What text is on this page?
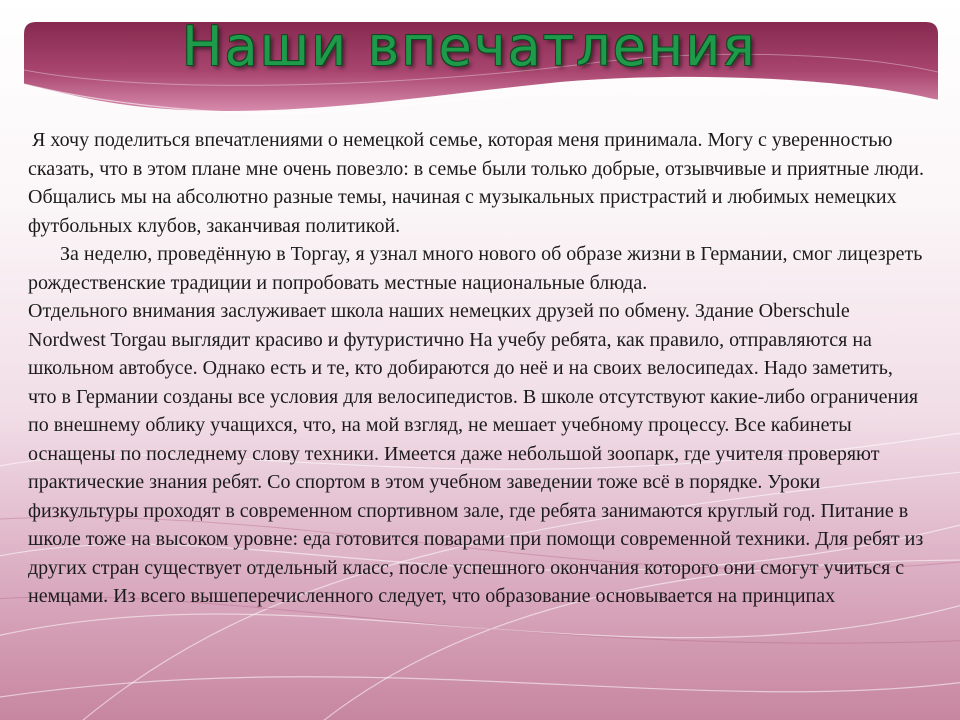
Наши впечатления

Я хочу поделиться впечатлениями о немецкой семье, которая меня принимала. Могу с уверенностью сказать, что в этом плане мне очень повезло: в семье были только добрые, отзывчивые и приятные люди. Общались мы на абсолютно разные темы, начиная с музыкальных пристрастий и любимых немецких футбольных клубов, заканчивая политикой.

За неделю, проведённую в Торгау, я узнал много нового об образе жизни в Германии, смог лицезреть рождественские традиции и попробовать местные национальные блюда.

Отдельного внимания заслуживает школа наших немецких друзей по обмену. Здание Oberschule Nordwest Torgau выглядит красиво и футуристично На учебу ребята, как правило, отправляются на школьном автобусе. Однако есть и те, кто добираются до неё и на своих велосипедах. Надо заметить, что в Германии созданы все условия для велосипедистов. В школе отсутствуют какие-либо ограничения по внешнему облику учащихся, что, на мой взгляд, не мешает учебному процессу. Все кабинеты оснащены по последнему слову техники. Имеется даже небольшой зоопарк, где учителя проверяют практические знания ребят. Со спортом в этом учебном заведении тоже всё в порядке. Уроки физкультуры проходят в современном спортивном зале, где ребята занимаются круглый год. Питание в школе тоже на высоком уровне: еда готовится поварами при помощи современной техники. Для ребят из других стран существует отдельный класс, после успешного окончания которого они смогут учиться с немцами. Из всего вышеперечисленного следует, что образование основывается на принципах
